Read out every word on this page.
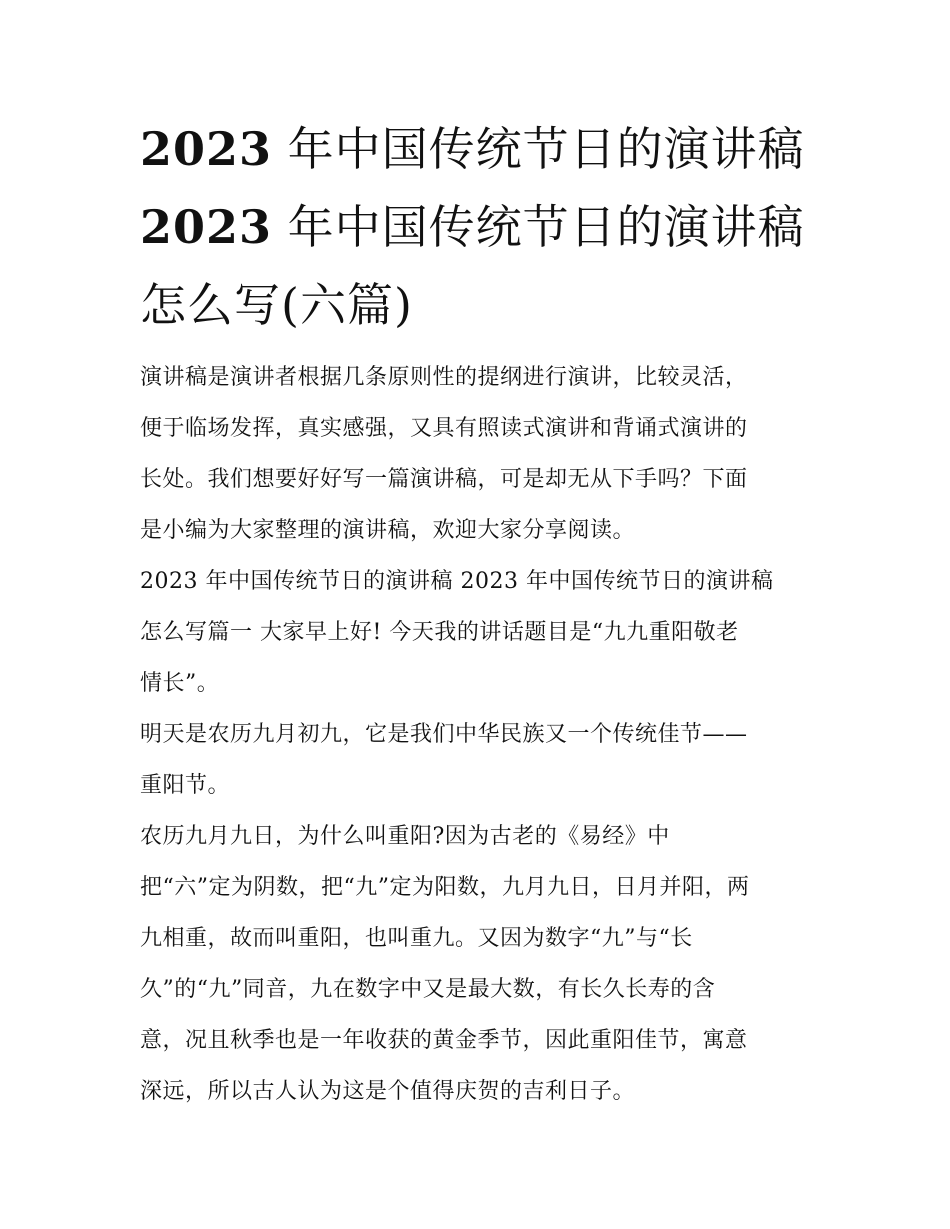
2023 年中国传统节日的演讲稿
2023 年中国传统节日的演讲稿
怎么写(六篇)

演讲稿是演讲者根据几条原则性的提纲进行演讲，比较灵活，
便于临场发挥，真实感强，又具有照读式演讲和背诵式演讲的
长处。我们想要好好写一篇演讲稿，可是却无从下手吗？下面
是小编为大家整理的演讲稿，欢迎大家分享阅读。

2023 年中国传统节日的演讲稿 2023 年中国传统节日的演讲稿
怎么写篇一 大家早上好! 今天我的讲话题目是“九九重阳敬老
情长”。

明天是农历九月初九，它是我们中华民族又一个传统佳节——
重阳节。

农历九月九日，为什么叫重阳?因为古老的《易经》中
把“六”定为阴数，把“九”定为阳数，九月九日，日月并阳，两
九相重，故而叫重阳，也叫重九。又因为数字“九”与“长
久”的“九”同音，九在数字中又是最大数，有长久长寿的含
意，况且秋季也是一年收获的黄金季节，因此重阳佳节，寓意
深远，所以古人认为这是个值得庆贺的吉利日子。
